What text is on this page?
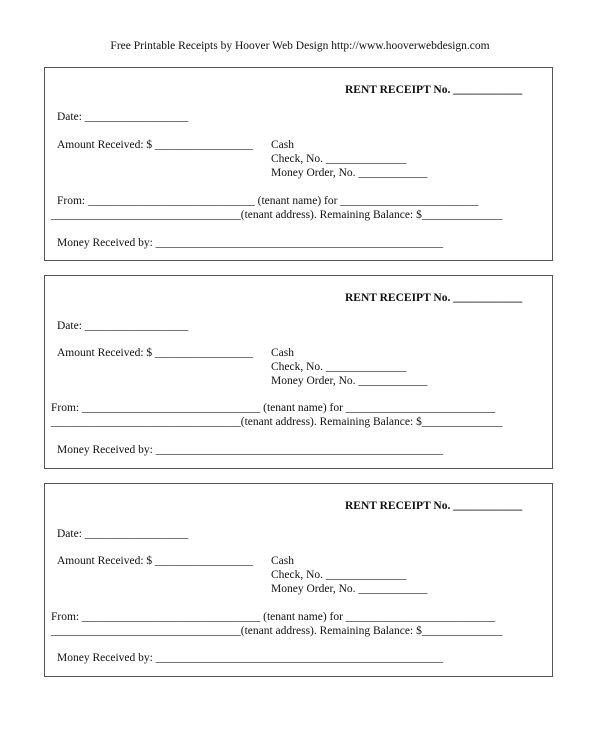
Free Printable Receipts by Hoover Web Design http://www.hooverwebdesign.com
RENT RECEIPT No. ____________
Date: __________________
Amount Received: $ _________________ Cash
Check, No. ______________
Money Order, No. ____________
From: _____________________________ (tenant name) for ________________________
_________________________________(tenant address). Remaining Balance: $______________
Money Received by: __________________________________________________
RENT RECEIPT No. ____________
Date: __________________
Amount Received: $ _________________ Cash
Check, No. ______________
Money Order, No. ____________
From: _______________________________ (tenant name) for __________________________
_________________________________(tenant address). Remaining Balance: $______________
Money Received by: __________________________________________________
RENT RECEIPT No. ____________
Date: __________________
Amount Received: $ _________________ Cash
Check, No. ______________
Money Order, No. ____________
From: _______________________________ (tenant name) for __________________________
_________________________________(tenant address). Remaining Balance: $______________
Money Received by: __________________________________________________
